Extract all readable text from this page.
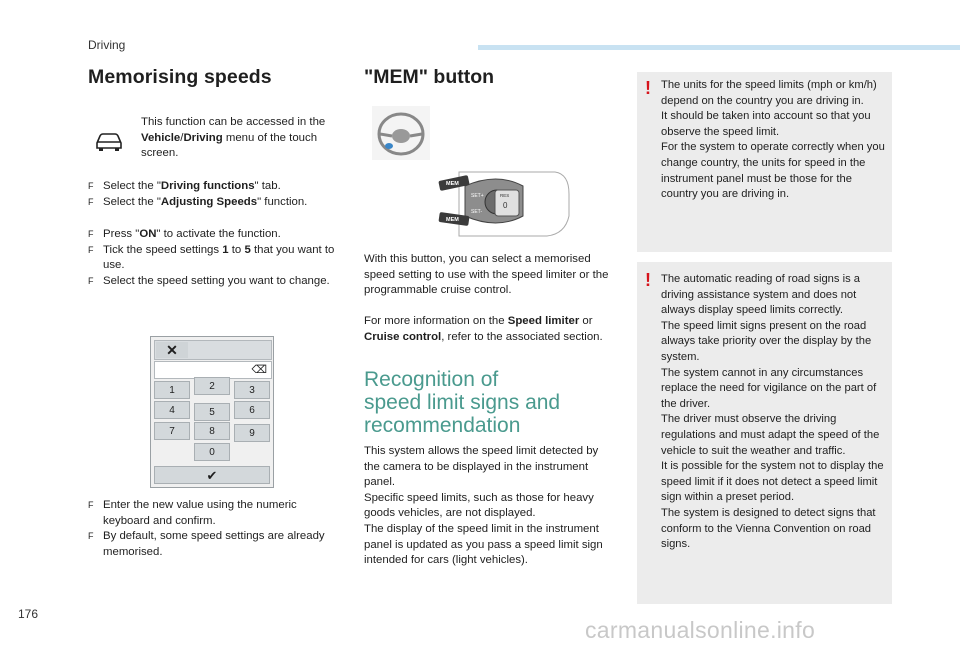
Driving
Memorising speeds
This function can be accessed in the Vehicle/Driving menu of the touch screen.
F Select the "Driving functions" tab.
F Select the "Adjusting Speeds" function.
F Press "ON" to activate the function.
F Tick the speed settings 1 to 5 that you want to use.
F Select the speed setting you want to change.
✕
⌫
1	2	3
4	5	6
7	8	9
0
✔
F Enter the new value using the numeric keyboard and confirm.
F By default, some speed settings are already memorised.
"MEM" button
MEM
MEM
SET+
SET-
0
RES
With this button, you can select a memorised speed setting to use with the speed limiter or the programmable cruise control.
For more information on the Speed limiter or Cruise control, refer to the associated section.
Recognition of
speed limit signs and
recommendation
This system allows the speed limit detected by the camera to be displayed in the instrument panel.
Specific speed limits, such as those for heavy goods vehicles, are not displayed.
The display of the speed limit in the instrument panel is updated as you pass a speed limit sign intended for cars (light vehicles).
! The units for the speed limits (mph or km/h) depend on the country you are driving in.
It should be taken into account so that you observe the speed limit.
For the system to operate correctly when you change country, the units for speed in the instrument panel must be those for the country you are driving in.
! The automatic reading of road signs is a driving assistance system and does not always display speed limits correctly.
The speed limit signs present on the road always take priority over the display by the system.
The system cannot in any circumstances replace the need for vigilance on the part of the driver.
The driver must observe the driving regulations and must adapt the speed of the vehicle to suit the weather and traffic.
It is possible for the system not to display the speed limit if it does not detect a speed limit sign within a preset period.
The system is designed to detect signs that conform to the Vienna Convention on road signs.
176
carmanualsonline.info
